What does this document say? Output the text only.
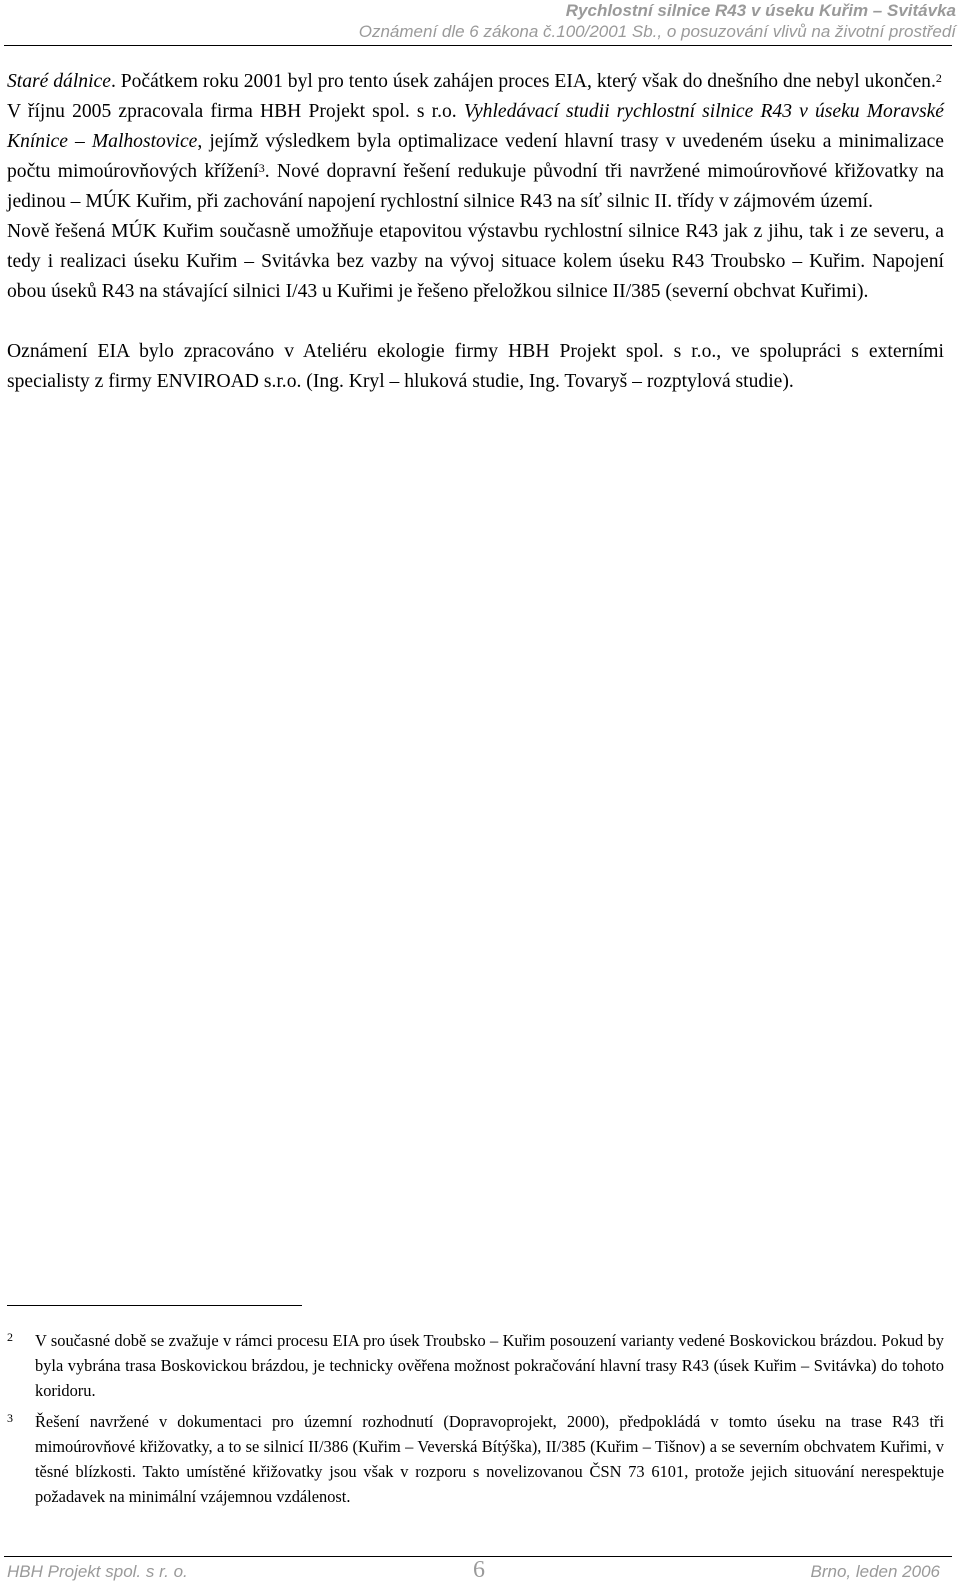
Rychlostní silnice R43 v úseku Kuřim – Svitávka
Oznámení dle 6 zákona č.100/2001 Sb., o posuzování vlivů na životní prostředí

Staré dálnice. Počátkem roku 2001 byl pro tento úsek zahájen proces EIA, který však do dnešního dne nebyl ukončen.$^2$

V říjnu 2005 zpracovala firma HBH Projekt spol. s r.o. Vyhledávací studii rychlostní silnice R43 v úseku Moravské Knínice – Malhostovice, jejímž výsledkem byla optimalizace vedení hlavní trasy v uvedeném úseku a minimalizace počtu mimoúrovňových křížení$^3$. Nové dopravní řešení redukuje původní tři navržené mimoúrovňové křižovatky na jedinou – MÚK Kuřim, při zachování napojení rychlostní silnice R43 na síť silnic II. třídy v zájmovém území.

Nově řešená MÚK Kuřim současně umožňuje etapovitou výstavbu rychlostní silnice R43 jak z jihu, tak i ze severu, a tedy i realizaci úseku Kuřim – Svitávka bez vazby na vývoj situace kolem úseku R43 Troubsko – Kuřim. Napojení obou úseků R43 na stávající silnici I/43 u Kuřimi je řešeno přeložkou silnice II/385 (severní obchvat Kuřimi).

Oznámení EIA bylo zpracováno v Ateliéru ekologie firmy HBH Projekt spol. s r.o., ve spolupráci s externími specialisty z firmy ENVIROAD s.r.o. (Ing. Kryl – hluková studie, Ing. Tovaryš – rozptylová studie).

2 V současné době se zvažuje v rámci procesu EIA pro úsek Troubsko – Kuřim posouzení varianty vedené Boskovickou brázdou. Pokud by byla vybrána trasa Boskovickou brázdou, je technicky ověřena možnost pokračování hlavní trasy R43 (úsek Kuřim – Svitávka) do tohoto koridoru.
3 Řešení navržené v dokumentaci pro územní rozhodnutí (Dopravoprojekt, 2000), předpokládá v tomto úseku na trase R43 tři mimoúrovňové křižovatky, a to se silnicí II/386 (Kuřim – Veverská Bítýška), II/385 (Kuřim – Tišnov) a se severním obchvatem Kuřimi, v těsné blízkosti. Takto umístěné křižovatky jsou však v rozporu s novelizovanou ČSN 73 6101, protože jejich situování nerespektuje požadavek na minimální vzájemnou vzdálenost.
HBH Projekt spol. s r. o.	6	Brno, leden 2006
